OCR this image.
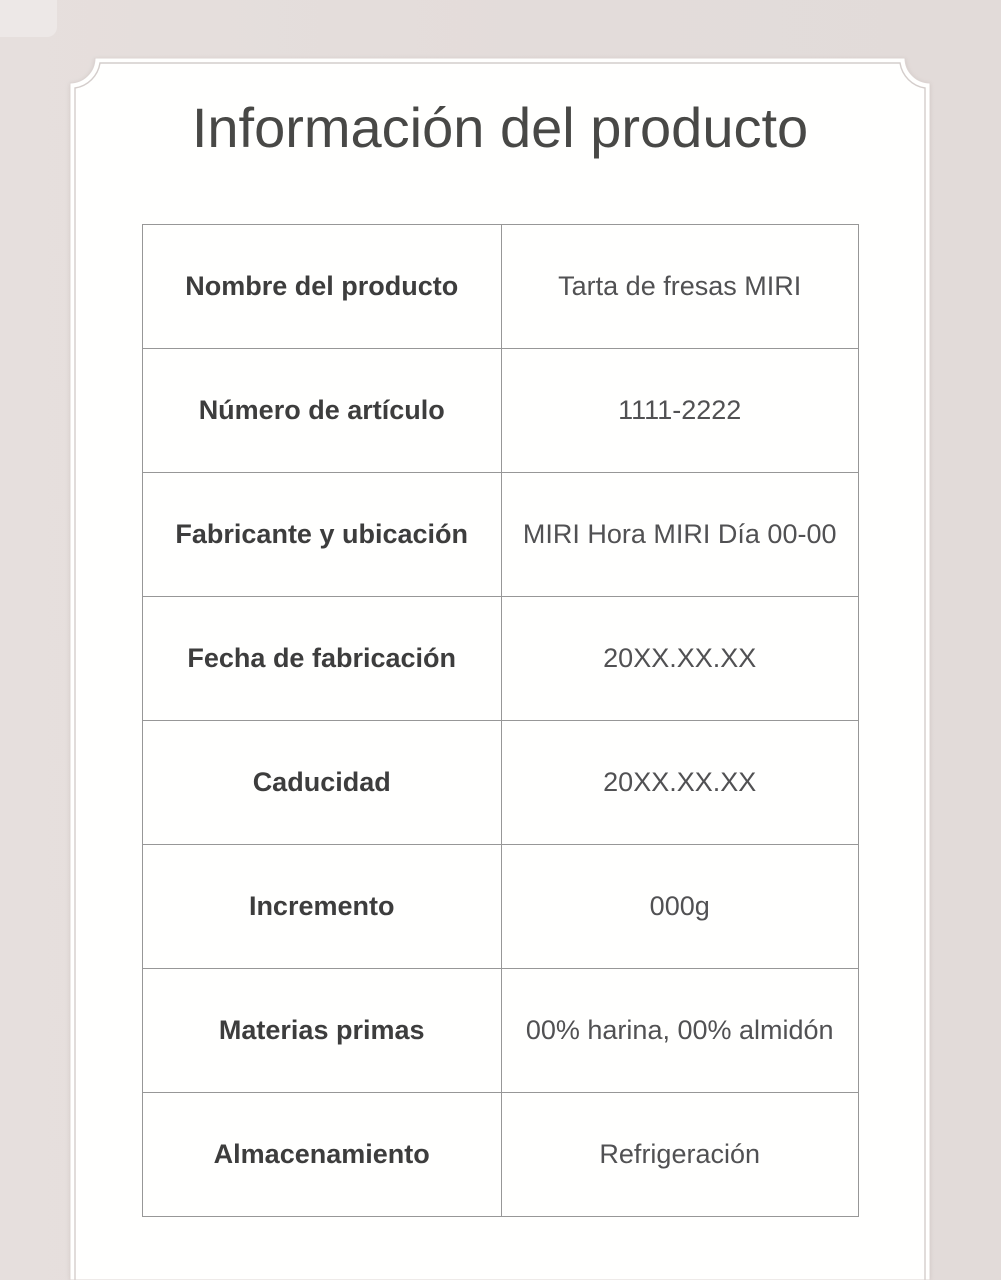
Información del producto
Nombre del producto	Tarta de fresas MIRI
Número de artículo	1111-2222
Fabricante y ubicación	MIRI Hora MIRI Día 00-00
Fecha de fabricación	20XX.XX.XX
Caducidad	20XX.XX.XX
Incremento	000g
Materias primas	00% harina, 00% almidón
Almacenamiento	Refrigeración
